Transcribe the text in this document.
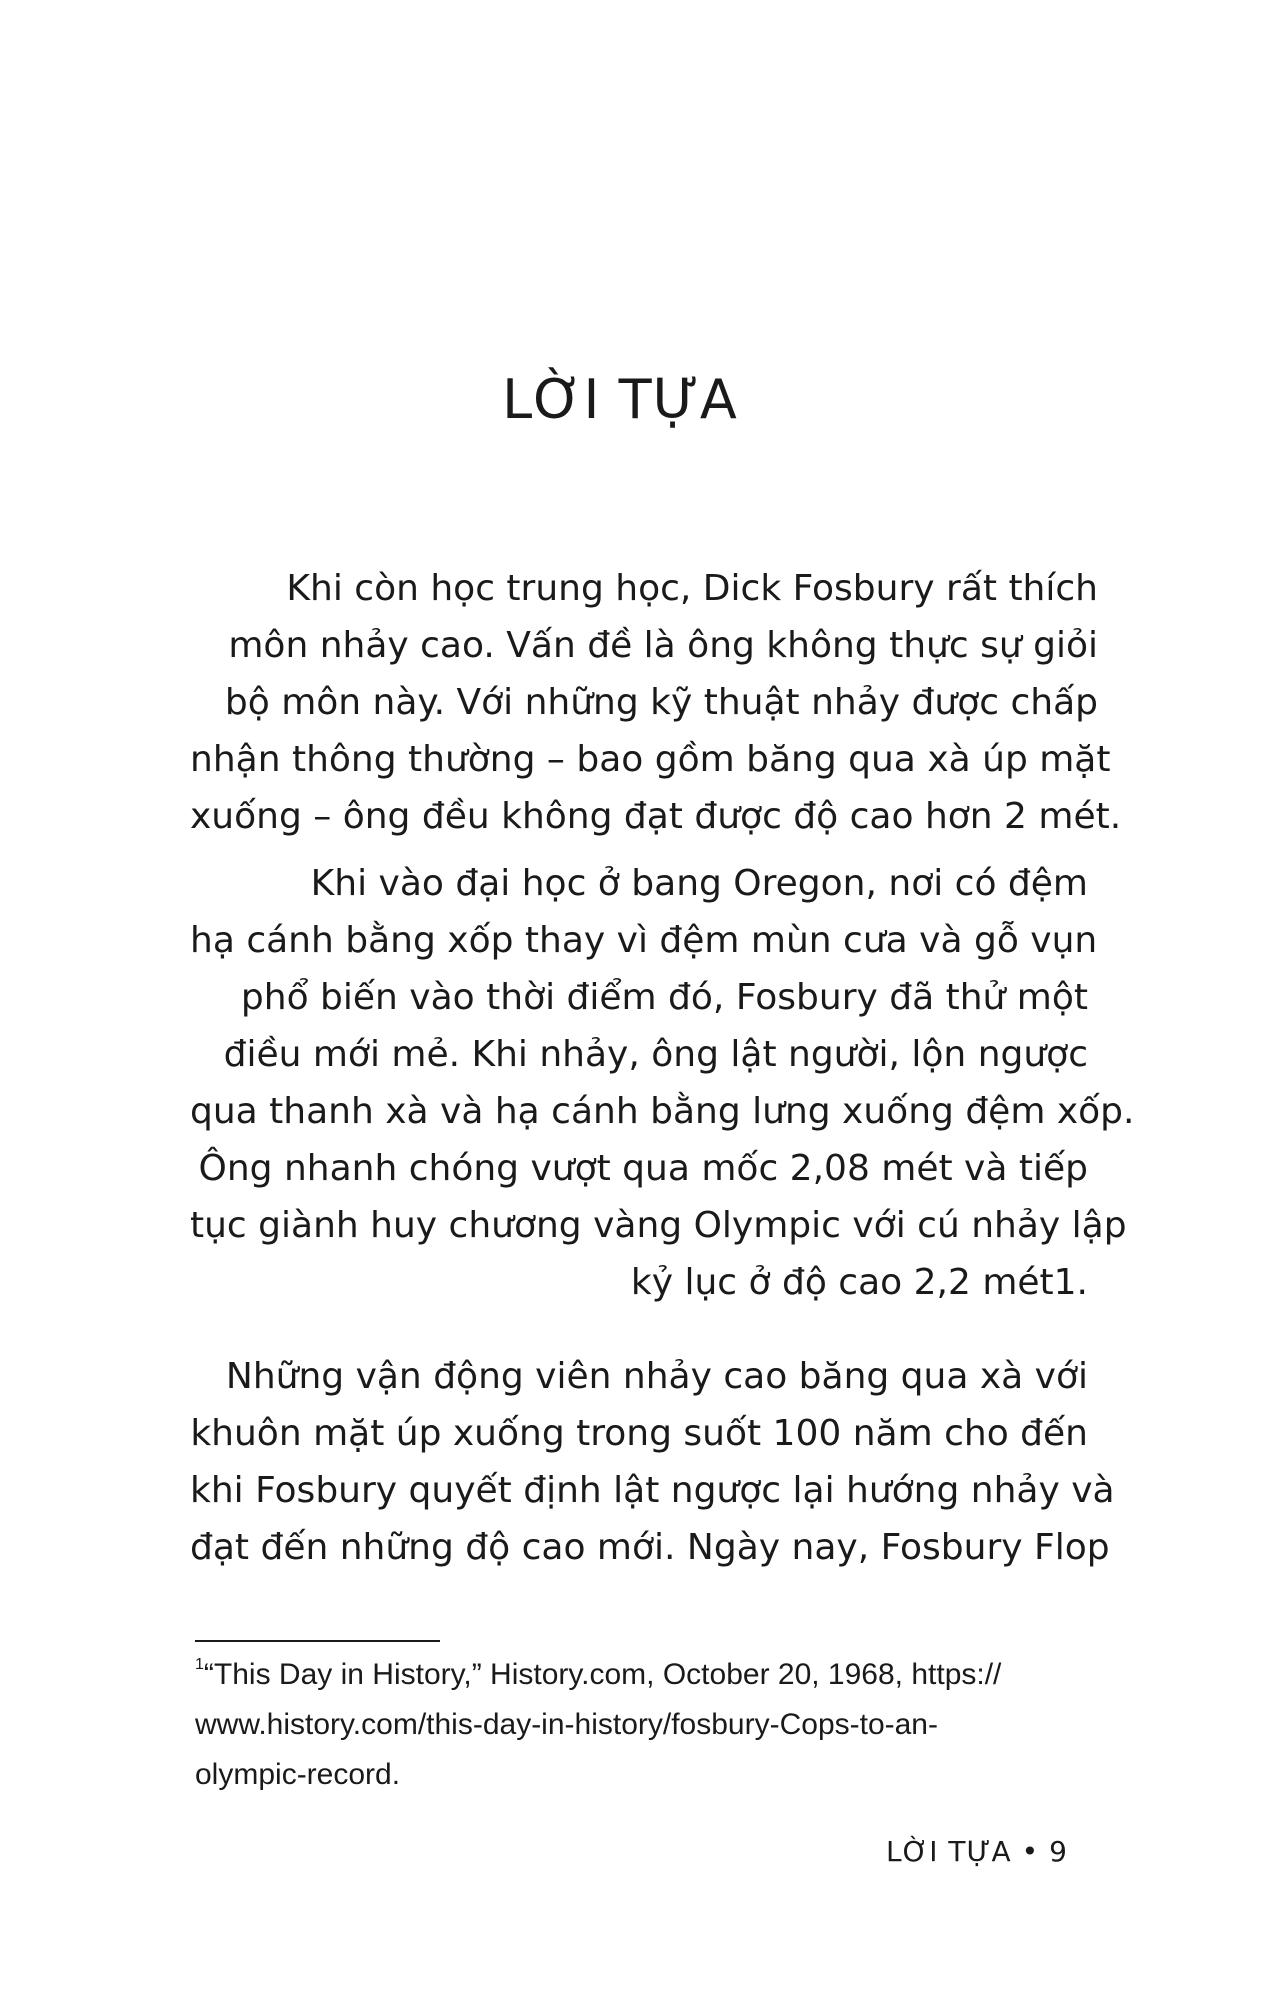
LỜI TỰA
Khi còn học trung học, Dick Fosbury rất thích
môn nhảy cao. Vấn đề là ông không thực sự giỏi
bộ môn này. Với những kỹ thuật nhảy được chấp
nhận thông thường – bao gồm băng qua xà úp mặt
xuống – ông đều không đạt được độ cao hơn 2 mét.
Khi vào đại học ở bang Oregon, nơi có đệm
hạ cánh bằng xốp thay vì đệm mùn cưa và gỗ vụn
phổ biến vào thời điểm đó, Fosbury đã thử một
điều mới mẻ. Khi nhảy, ông lật người, lộn ngược
qua thanh xà và hạ cánh bằng lưng xuống đệm xốp.
Ông nhanh chóng vượt qua mốc 2,08 mét và tiếp
tục giành huy chương vàng Olympic với cú nhảy lập
kỷ lục ở độ cao 2,2 mét1.
Những vận động viên nhảy cao băng qua xà với
khuôn mặt úp xuống trong suốt 100 năm cho đến
khi Fosbury quyết định lật ngược lại hướng nhảy và
đạt đến những độ cao mới. Ngày nay, Fosbury Flop
$^1$“This Day in History,” History.com, October 20, 1968, https://
www.history.com/this-day-in-history/fosbury-Cops-to-an-
olympic-record.
LỜI TỰA • 9
